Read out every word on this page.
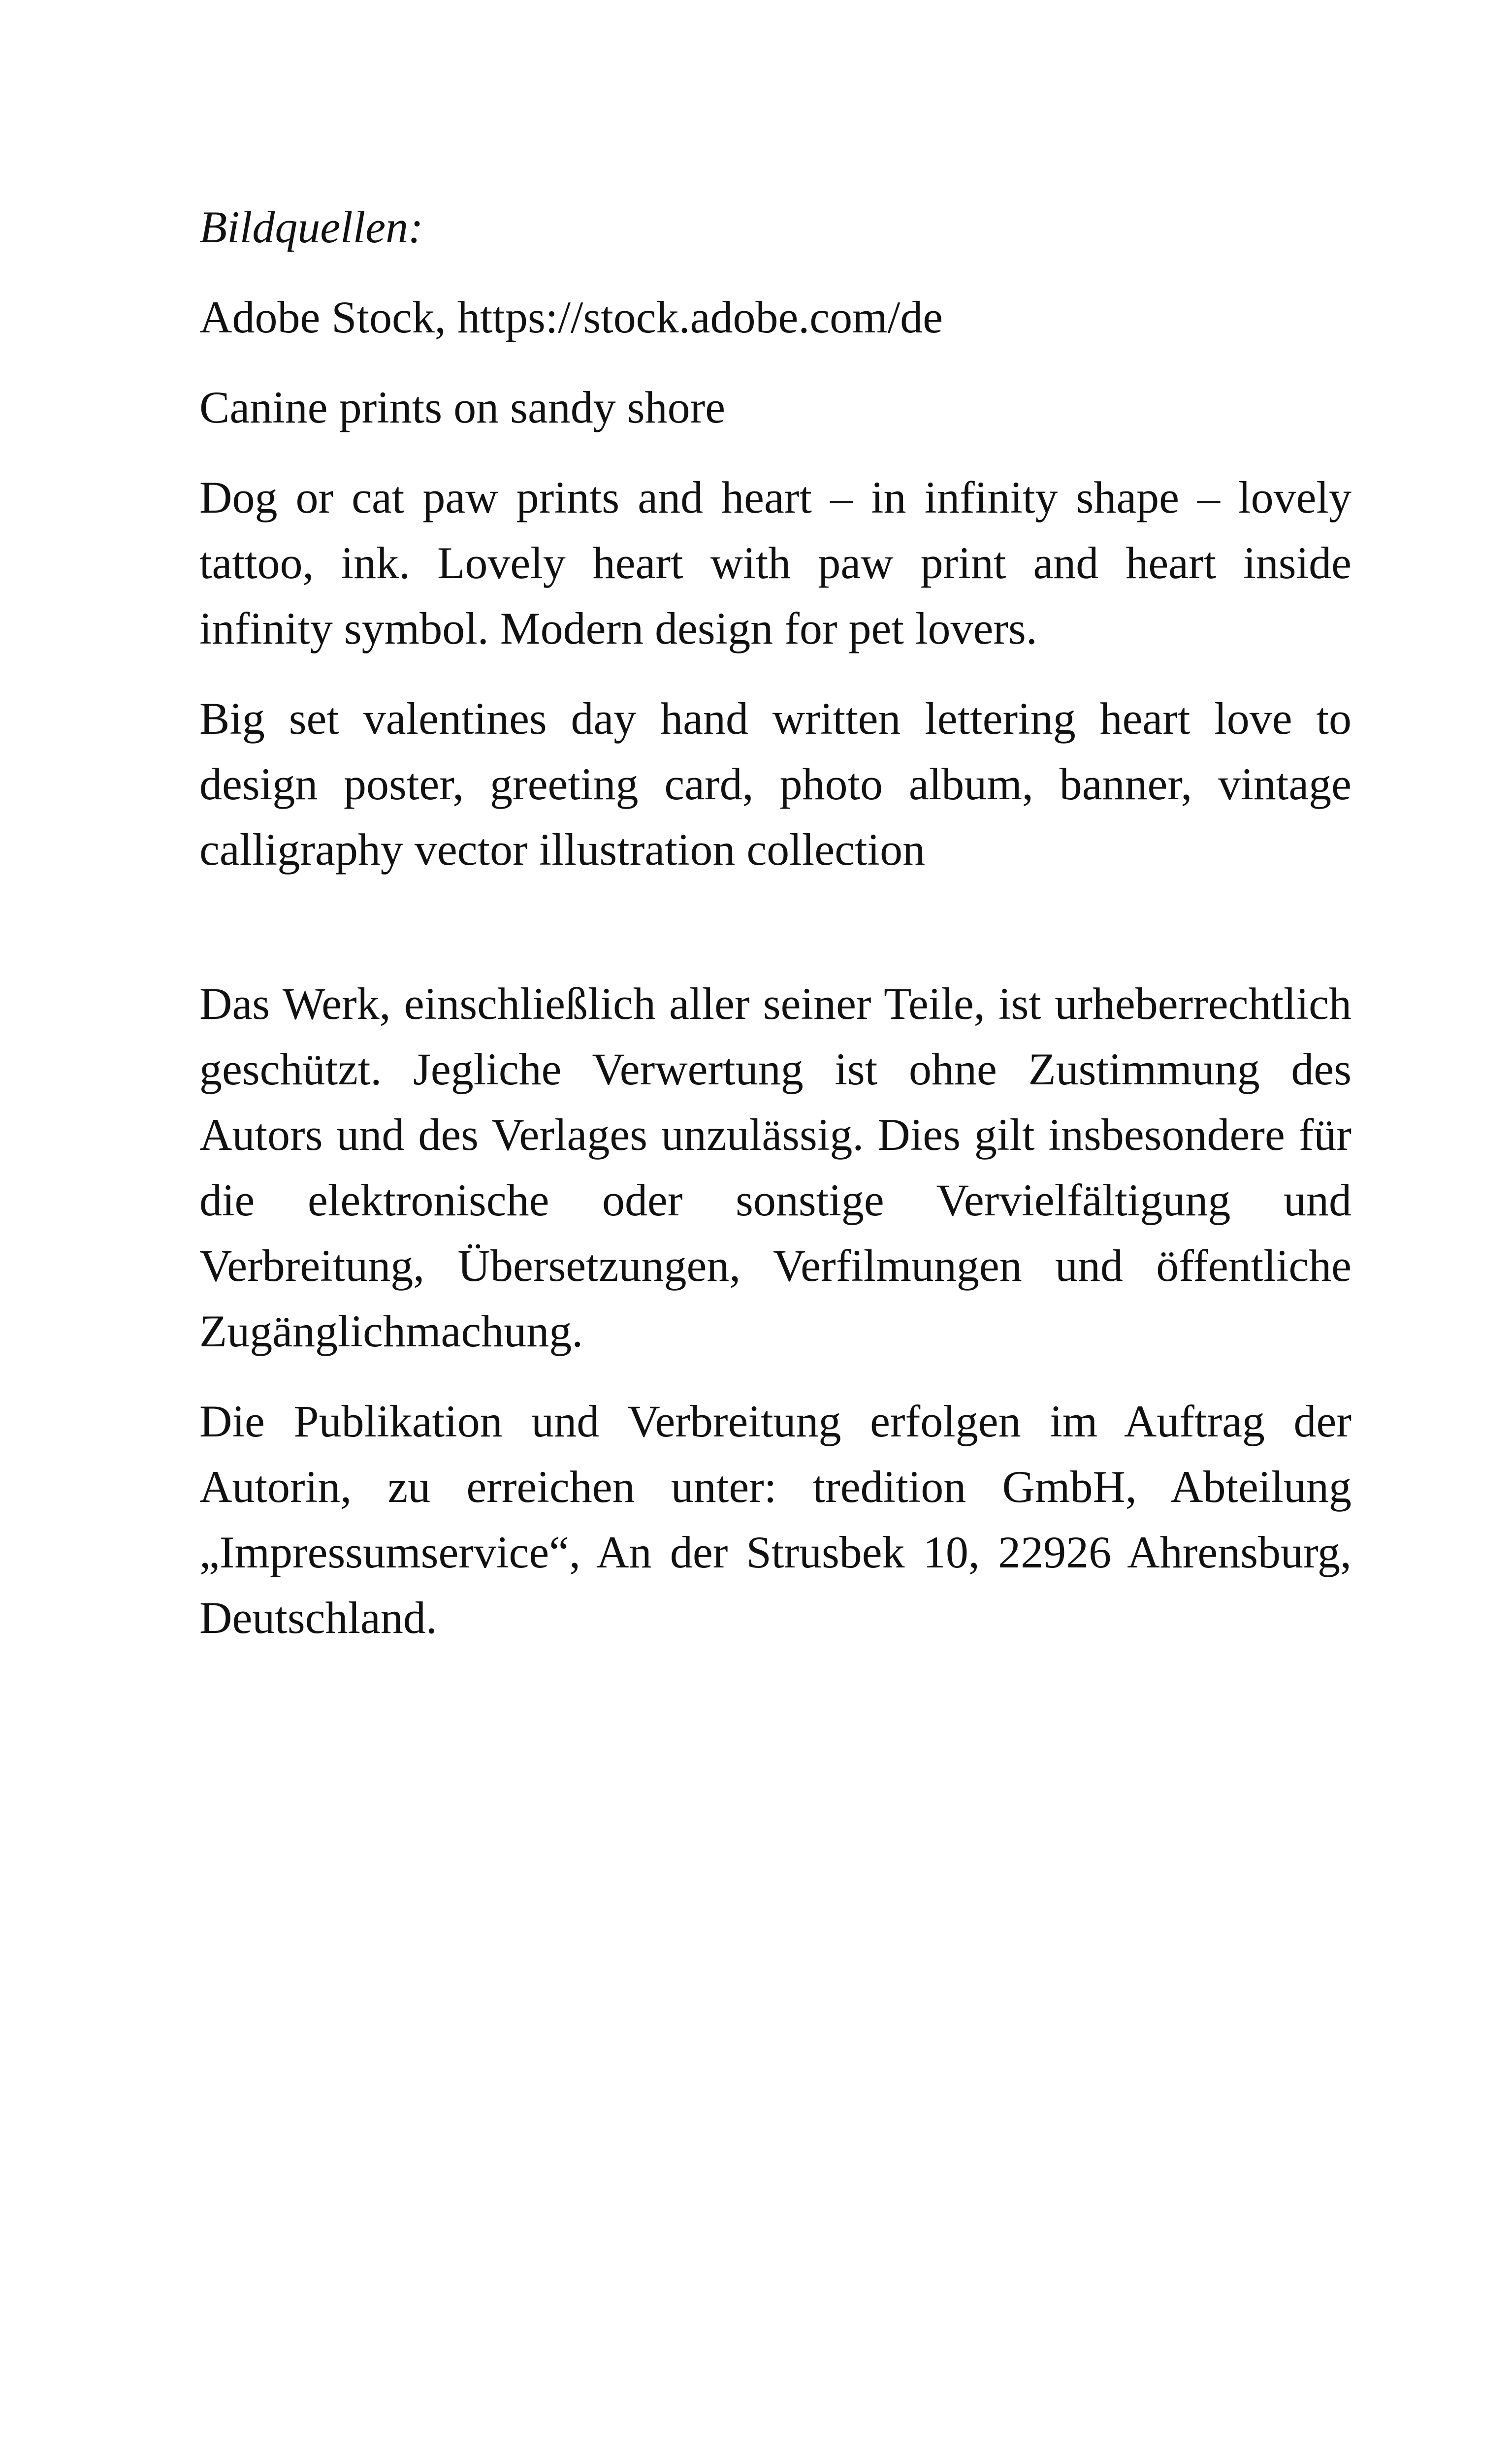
Bildquellen:

Adobe Stock, https://stock.adobe.com/de

Canine prints on sandy shore

Dog or cat paw prints and heart – in infinity shape – lovely tattoo, ink. Lovely heart with paw print and heart inside infinity symbol. Modern design for pet lovers.

Big set valentines day hand written lettering heart love to design poster, greeting card, photo album, banner, vintage calligraphy vector illustration collection

Das Werk, einschließlich aller seiner Teile, ist urheberrechtlich geschützt. Jegliche Verwertung ist ohne Zustimmung des Autors und des Verlages unzulässig. Dies gilt insbesondere für die elektronische oder sonstige Vervielfältigung und Verbreitung, Übersetzungen, Verfilmungen und öffentliche Zugänglichmachung.

Die Publikation und Verbreitung erfolgen im Auftrag der Autorin, zu erreichen unter: tredition GmbH, Abteilung „Impressumservice“, An der Strusbek 10, 22926 Ahrensburg, Deutschland.
